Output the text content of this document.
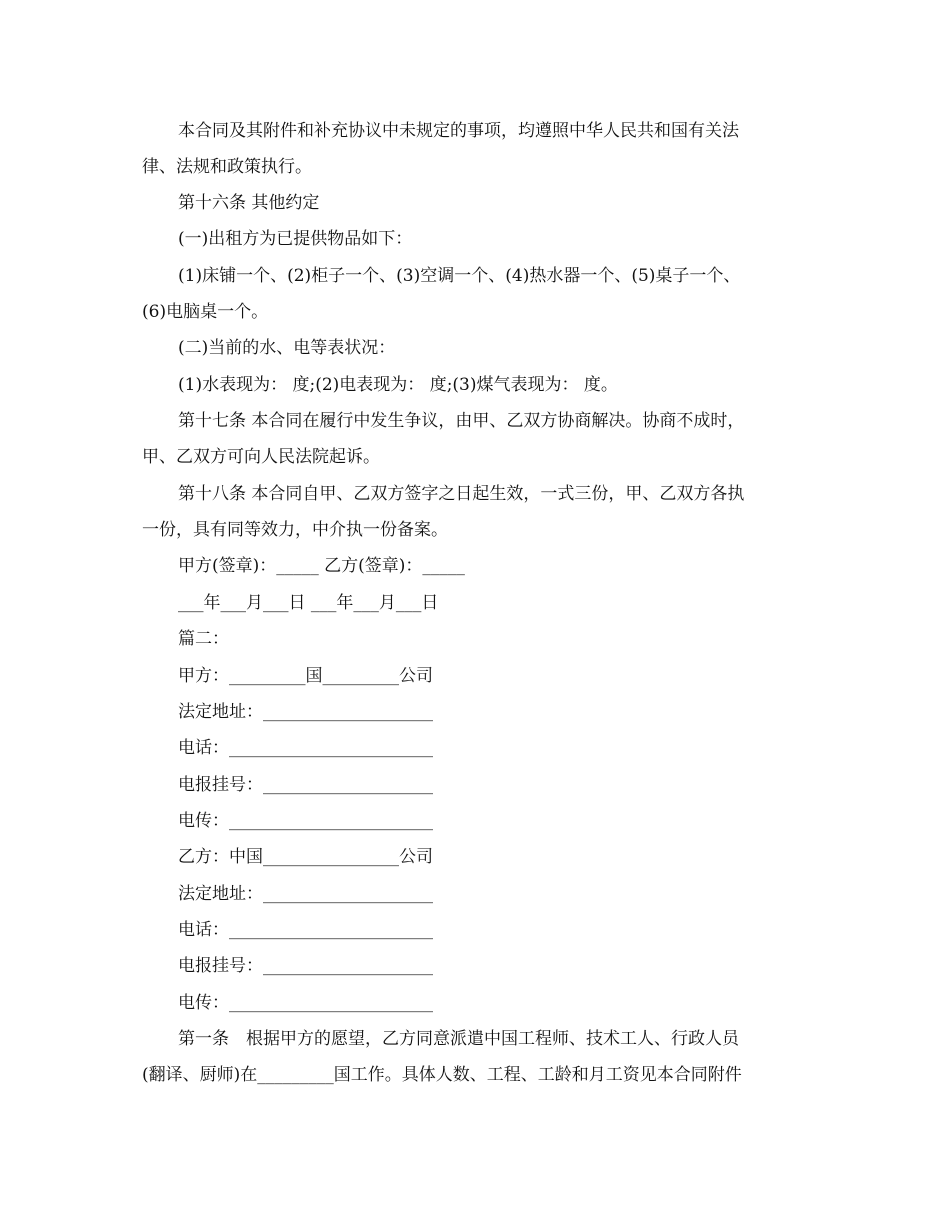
本合同及其附件和补充协议中未规定的事项，均遵照中华人民共和国有关法

律、法规和政策执行。

第十六条 其他约定

(一)出租方为已提供物品如下：

(1)床铺一个、(2)柜子一个、(3)空调一个、(4)热水器一个、(5)桌子一个、

(6)电脑桌一个。

(二)当前的水、电等表状况：

(1)水表现为： 度;(2)电表现为： 度;(3)煤气表现为： 度。

第十七条 本合同在履行中发生争议，由甲、乙双方协商解决。协商不成时，

甲、乙双方可向人民法院起诉。

第十八条 本合同自甲、乙双方签字之日起生效，一式三份，甲、乙双方各执

一份，具有同等效力，中介执一份备案。

甲方(签章)：_____ 乙方(签章)：_____

___年___月___日 ___年___月___日

篇二：

甲方：_________国_________公司

法定地址：____________________

电话：________________________

电报挂号：____________________

电传：________________________

乙方：中国________________公司

法定地址：____________________

电话：________________________

电报挂号：____________________

电传：________________________

第一条　根据甲方的愿望，乙方同意派遣中国工程师、技术工人、行政人员

(翻译、厨师)在_________国工作。具体人数、工程、工龄和月工资见本合同附件
